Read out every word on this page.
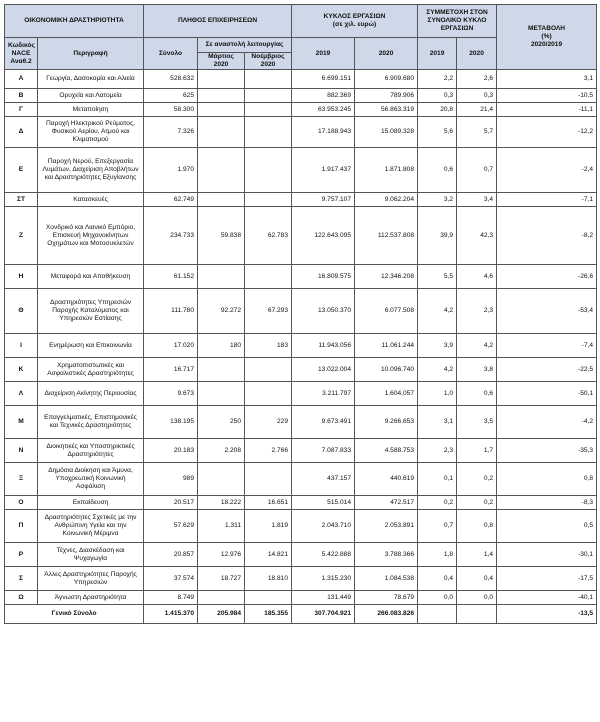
ΟΙΚΟΝΟΜΙΚΗ ΔΡΑΣΤΗΡΙΟΤΗΤΑ		ΠΛΗΘΟΣ ΕΠΙΧΕΙΡΗΣΕΩΝ			ΚΥΚΛΟΣ ΕΡΓΑΣΙΩΝ
(σε χιλ. ευρώ)		ΣΥΜΜΕΤΟΧΗ ΣΤΟΝ ΣΥΝΟΛΙΚΟ ΚΥΚΛΟ ΕΡΓΑΣΙΩΝ		ΜΕΤΑΒΟΛΗ
(%)
2020/2019
Κωδικός NACE Αναθ.2	Περιγραφή	Σύνολο	Σε αναστολή λειτουργίας		2019	2020	2019	2020	
			Μάρτιος 2020	Νοέμβριος 2020					
Α	Γεωργία, Δασοκομία και Αλιεία	528.632			6.699.151	6.909.680	2,2	2,6	3,1
Β	Ορυχεία και Λατομεία	625			882.369	789.906	0,3	0,3	-10,5
Γ	Μεταποίηση	58.300			63.953.245	56.863.319	20,8	21,4	-11,1
Δ	Παροχή Ηλεκτρικού Ρεύματος, Φυσικού Αερίου, Ατμού και Κλιματισμού	7.326			17.188.943	15.089.328	5,6	5,7	-12,2
Ε	Παροχή Νερού, Επεξεργασία Λυμάτων, Διαχείριση Αποβλήτων και Δραστηριότητες Εξυγίανσης	1.970			1.917.437	1.871.808	0,6	0,7	-2,4
ΣΤ	Κατασκευές	62.749			9.757.107	9.062.204	3,2	3,4	-7,1
Ζ	Χονδρικό και Λιανικό Εμπόριο, Επισκευή Μηχανοκίνητων Οχημάτων και Μοτοσυκλετών	234.733	59.838	62.783	122.643.095	112.537.808	39,9	42,3	-8,2
Η	Μεταφορά και Αποθήκευση	61.152			16.809.575	12.346.208	5,5	4,6	-26,6
Θ	Δραστηριότητες Υπηρεσιών Παροχής Καταλύματος και Υπηρεσιών Εστίασης	111.780	92.272	67.293	13.050.370	6.077.508	4,2	2,3	-53,4
Ι	Ενημέρωση και Επικοινωνία	17.020	180	183	11.943.056	11.061.244	3,9	4,2	-7,4
Κ	Χρηματοπιστωτικές και Ασφαλιστικές Δραστηριότητες	16.717			13.022.004	10.096.740	4,2	3,8	-22,5
Λ	Διαχείριση Ακίνητης Περιουσίας	9.673			3.211.797	1.604.057	1,0	0,6	-50,1
Μ	Επαγγελματικές, Επιστημονικές και Τεχνικές Δραστηριότητες	138.195	250	229	9.673.491	9.266.653	3,1	3,5	-4,2
Ν	Διοικητικές και Υποστηρικτικές Δραστηριότητες	20.183	2.208	2.766	7.087.833	4.588.753	2,3	1,7	-35,3
Ξ	Δημόσια Διοίκηση και Άμυνα, Υποχρεωτική Κοινωνική Ασφάλιση	989			437.157	440.619	0,1	0,2	0,8
Ο	Εκπαίδευση	20.517	18.222	16.651	515.014	472.517	0,2	0,2	-8,3
Π	Δραστηριότητες Σχετικές με την Ανθρώπινη Υγεία και την Κοινωνική Μέριμνα	57.629	1.311	1.819	2.043.710	2.053.891	0,7	0,8	0,5
Ρ	Τέχνες, Διασκέδαση και Ψυχαγωγία	20.857	12.976	14.821	5.422.888	3.788.366	1,8	1,4	-30,1
Σ	Άλλες Δραστηριότητες Παροχής Υπηρεσιών	37.574	18.727	18.810	1.315.230	1.084.538	0,4	0,4	-17,5
Ω	Άγνωστη Δραστηριότητα	8.749			131.449	78.679	0,0	0,0	-40,1
Γενικό Σύνολο		1.415.370	205.984	185.355	307.704.921	266.083.826			-13,5
